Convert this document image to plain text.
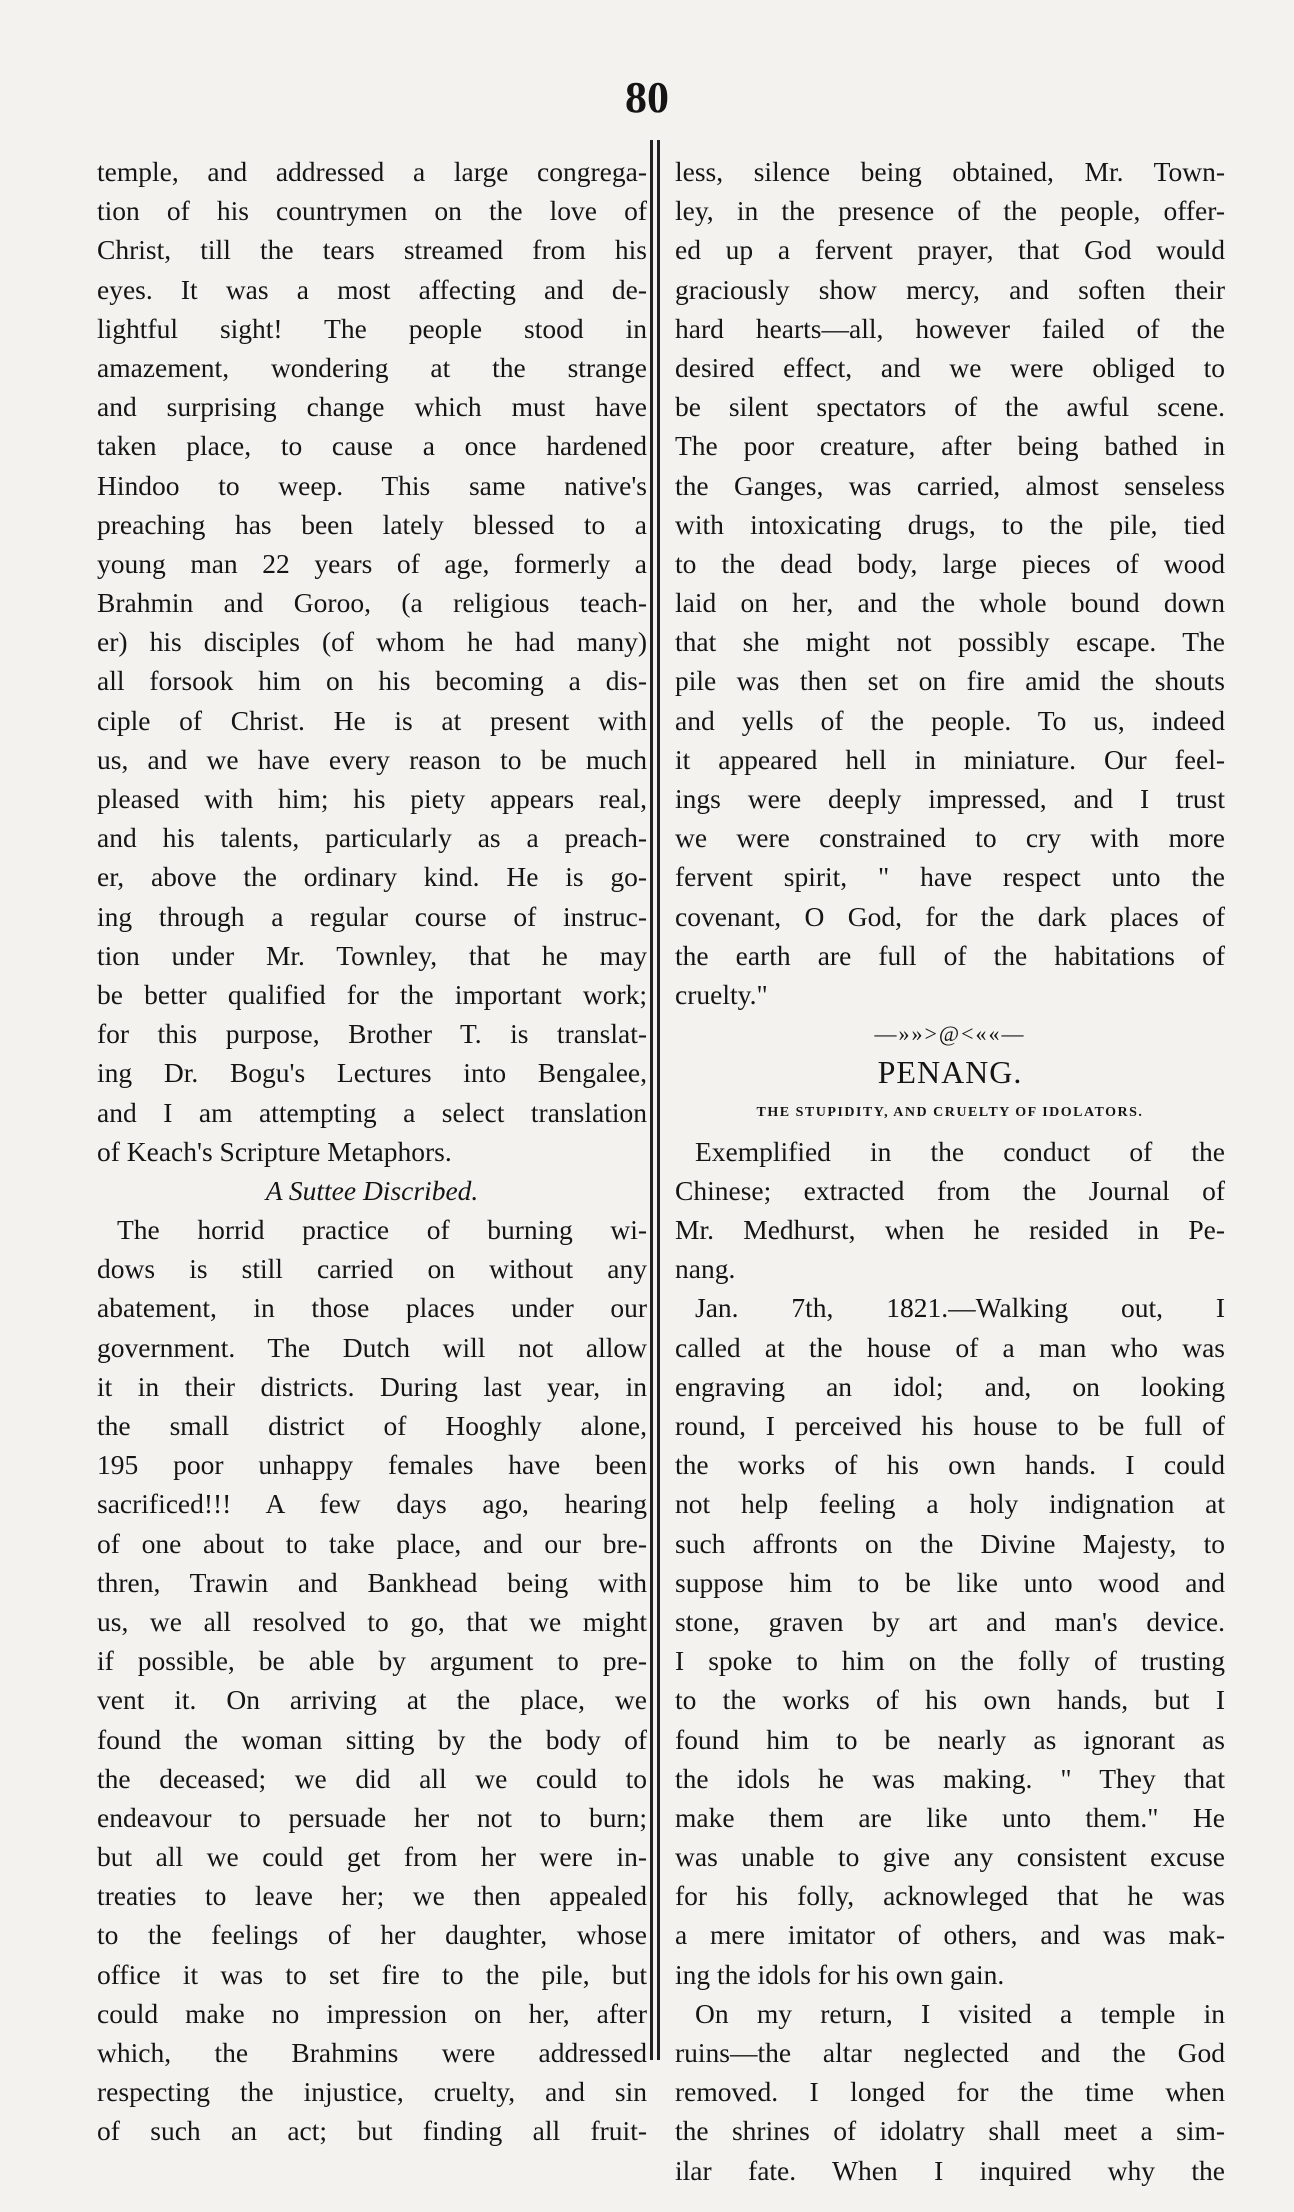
80
temple, and addressed a large congrega-
tion of his countrymen on the love of
Christ, till the tears streamed from his
eyes. It was a most affecting and de-
lightful sight! The people stood in
amazement, wondering at the strange
and surprising change which must have
taken place, to cause a once hardened
Hindoo to weep. This same native's
preaching has been lately blessed to a
young man 22 years of age, formerly a
Brahmin and Goroo, (a religious teach-
er) his disciples (of whom he had many)
all forsook him on his becoming a dis-
ciple of Christ. He is at present with
us, and we have every reason to be much
pleased with him; his piety appears real,
and his talents, particularly as a preach-
er, above the ordinary kind. He is go-
ing through a regular course of instruc-
tion under Mr. Townley, that he may
be better qualified for the important work;
for this purpose, Brother T. is translat-
ing Dr. Bogu's Lectures into Bengalee,
and I am attempting a select translation
of Keach's Scripture Metaphors.
A Suttee Discribed.
The horrid practice of burning wi-
dows is still carried on without any
abatement, in those places under our
government. The Dutch will not allow
it in their districts. During last year, in
the small district of Hooghly alone,
195 poor unhappy females have been
sacrificed!!! A few days ago, hearing
of one about to take place, and our bre-
thren, Trawin and Bankhead being with
us, we all resolved to go, that we might
if possible, be able by argument to pre-
vent it. On arriving at the place, we
found the woman sitting by the body of
the deceased; we did all we could to
endeavour to persuade her not to burn;
but all we could get from her were in-
treaties to leave her; we then appealed
to the feelings of her daughter, whose
office it was to set fire to the pile, but
could make no impression on her, after
which, the Brahmins were addressed
respecting the injustice, cruelty, and sin
of such an act; but finding all fruit-
less, silence being obtained, Mr. Town-
ley, in the presence of the people, offer-
ed up a fervent prayer, that God would
graciously show mercy, and soften their
hard hearts—all, however failed of the
desired effect, and we were obliged to
be silent spectators of the awful scene.
The poor creature, after being bathed in
the Ganges, was carried, almost senseless
with intoxicating drugs, to the pile, tied
to the dead body, large pieces of wood
laid on her, and the whole bound down
that she might not possibly escape. The
pile was then set on fire amid the shouts
and yells of the people. To us, indeed
it appeared hell in miniature. Our feel-
ings were deeply impressed, and I trust
we were constrained to cry with more
fervent spirit, " have respect unto the
covenant, O God, for the dark places of
the earth are full of the habitations of
cruelty."
—»»>@<««—
PENANG.
THE STUPIDITY, AND CRUELTY OF IDOLATORS.
Exemplified in the conduct of the
Chinese; extracted from the Journal of
Mr. Medhurst, when he resided in Pe-
nang.
Jan. 7th, 1821.—Walking out, I
called at the house of a man who was
engraving an idol; and, on looking
round, I perceived his house to be full of
the works of his own hands. I could
not help feeling a holy indignation at
such affronts on the Divine Majesty, to
suppose him to be like unto wood and
stone, graven by art and man's device.
I spoke to him on the folly of trusting
to the works of his own hands, but I
found him to be nearly as ignorant as
the idols he was making. " They that
make them are like unto them." He
was unable to give any consistent excuse
for his folly, acknowleged that he was
a mere imitator of others, and was mak-
ing the idols for his own gain.
On my return, I visited a temple in
ruins—the altar neglected and the God
removed. I longed for the time when
the shrines of idolatry shall meet a sim-
ilar fate. When I inquired why the
